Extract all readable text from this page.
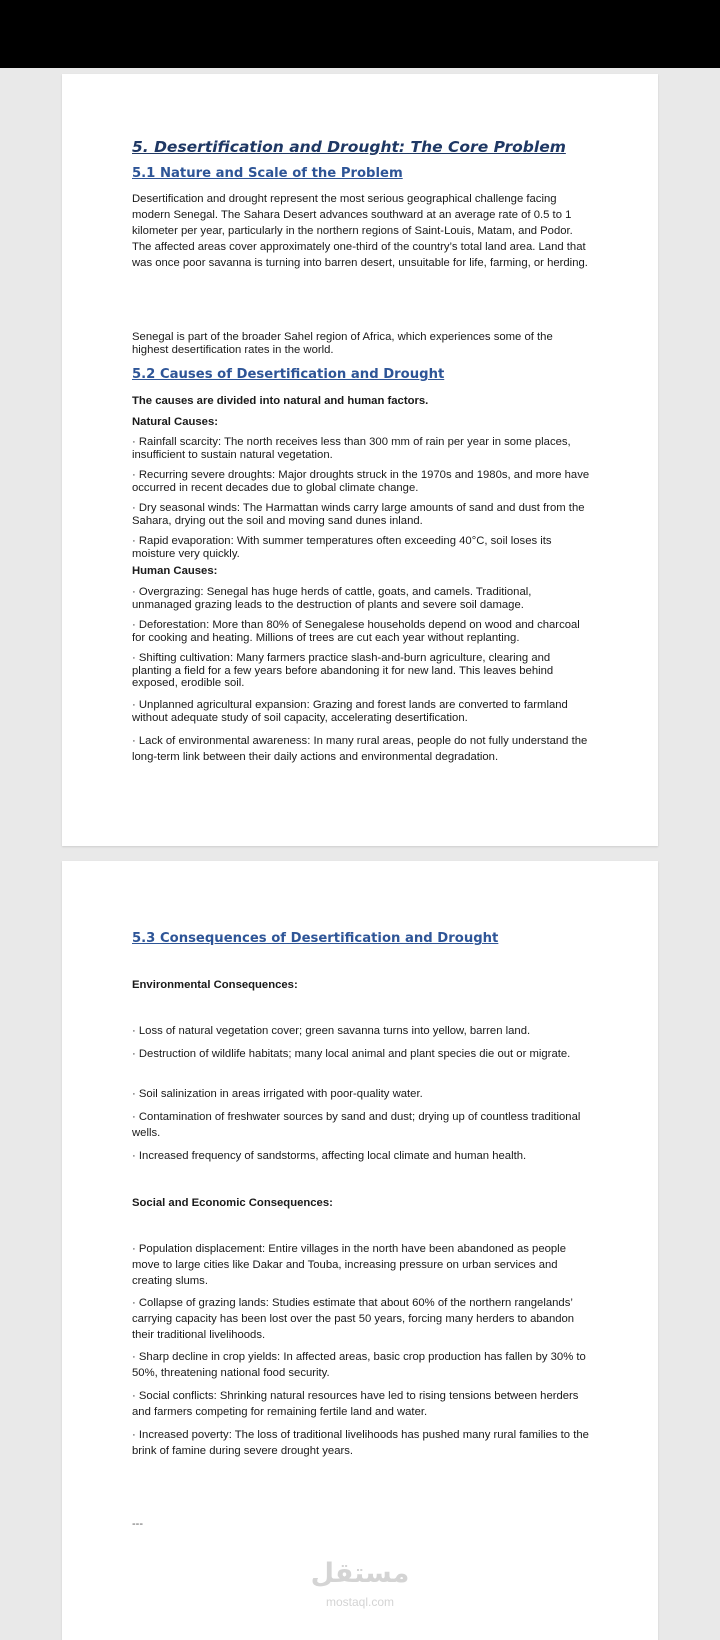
5. Desertification and Drought: The Core Problem
5.1 Nature and Scale of the Problem
Desertification and drought represent the most serious geographical challenge facing modern Senegal. The Sahara Desert advances southward at an average rate of 0.5 to 1 kilometer per year, particularly in the northern regions of Saint-Louis, Matam, and Podor. The affected areas cover approximately one-third of the country’s total land area. Land that was once poor savanna is turning into barren desert, unsuitable for life, farming, or herding.
Senegal is part of the broader Sahel region of Africa, which experiences some of the highest desertification rates in the world.
5.2 Causes of Desertification and Drought
The causes are divided into natural and human factors.
Natural Causes:
· Rainfall scarcity: The north receives less than 300 mm of rain per year in some places, insufficient to sustain natural vegetation.
· Recurring severe droughts: Major droughts struck in the 1970s and 1980s, and more have occurred in recent decades due to global climate change.
· Dry seasonal winds: The Harmattan winds carry large amounts of sand and dust from the Sahara, drying out the soil and moving sand dunes inland.
· Rapid evaporation: With summer temperatures often exceeding 40°C, soil loses its moisture very quickly.
Human Causes:
· Overgrazing: Senegal has huge herds of cattle, goats, and camels. Traditional, unmanaged grazing leads to the destruction of plants and severe soil damage.
· Deforestation: More than 80% of Senegalese households depend on wood and charcoal for cooking and heating. Millions of trees are cut each year without replanting.
· Shifting cultivation: Many farmers practice slash-and-burn agriculture, clearing and planting a field for a few years before abandoning it for new land. This leaves behind exposed, erodible soil.
· Unplanned agricultural expansion: Grazing and forest lands are converted to farmland without adequate study of soil capacity, accelerating desertification.
· Lack of environmental awareness: In many rural areas, people do not fully understand the long-term link between their daily actions and environmental degradation.
5.3 Consequences of Desertification and Drought
Environmental Consequences:
· Loss of natural vegetation cover; green savanna turns into yellow, barren land.
· Destruction of wildlife habitats; many local animal and plant species die out or migrate.
· Soil salinization in areas irrigated with poor-quality water.
· Contamination of freshwater sources by sand and dust; drying up of countless traditional wells.
· Increased frequency of sandstorms, affecting local climate and human health.
Social and Economic Consequences:
· Population displacement: Entire villages in the north have been abandoned as people move to large cities like Dakar and Touba, increasing pressure on urban services and creating slums.
· Collapse of grazing lands: Studies estimate that about 60% of the northern rangelands’ carrying capacity has been lost over the past 50 years, forcing many herders to abandon their traditional livelihoods.
· Sharp decline in crop yields: In affected areas, basic crop production has fallen by 30% to 50%, threatening national food security.
· Social conflicts: Shrinking natural resources have led to rising tensions between herders and farmers competing for remaining fertile land and water.
· Increased poverty: The loss of traditional livelihoods has pushed many rural families to the brink of famine during severe drought years.
---
مستقل
mostaql.com
